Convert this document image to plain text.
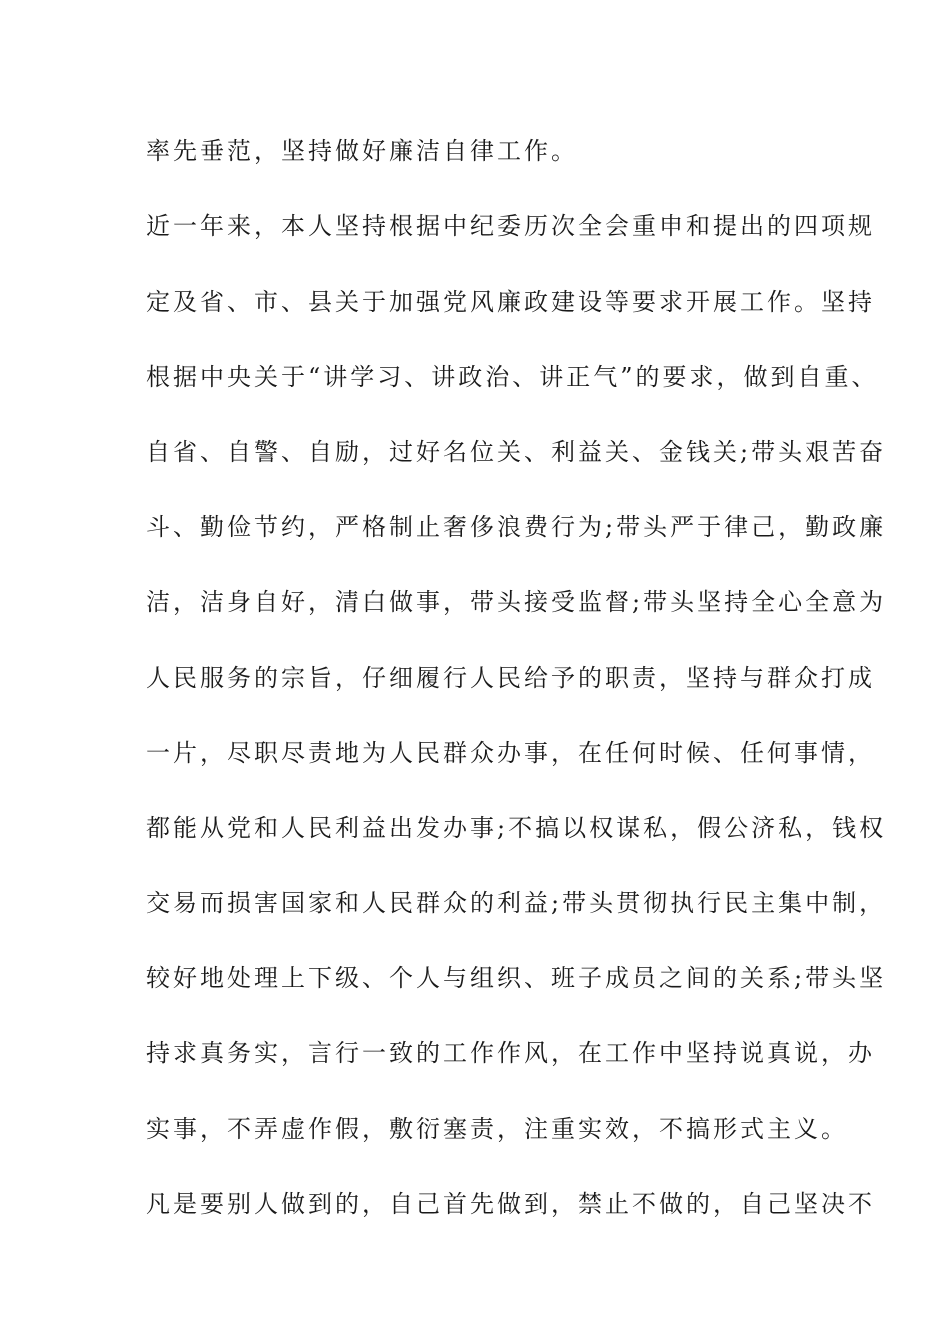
率先垂范，坚持做好廉洁自律工作。
近一年来，本人坚持根据中纪委历次全会重申和提出的四项规
定及省、市、县关于加强党风廉政建设等要求开展工作。坚持
根据中央关于“讲学习、讲政治、讲正气”的要求，做到自重、
自省、自警、自励，过好名位关、利益关、金钱关;带头艰苦奋
斗、勤俭节约，严格制止奢侈浪费行为;带头严于律己，勤政廉
洁，洁身自好，清白做事，带头接受监督;带头坚持全心全意为
人民服务的宗旨，仔细履行人民给予的职责，坚持与群众打成
一片，尽职尽责地为人民群众办事，在任何时候、任何事情，
都能从党和人民利益出发办事;不搞以权谋私，假公济私，钱权
交易而损害国家和人民群众的利益;带头贯彻执行民主集中制，
较好地处理上下级、个人与组织、班子成员之间的关系;带头坚
持求真务实，言行一致的工作作风，在工作中坚持说真说，办
实事，不弄虚作假，敷衍塞责，注重实效，不搞形式主义。
凡是要别人做到的，自己首先做到，禁止不做的，自己坚决不
